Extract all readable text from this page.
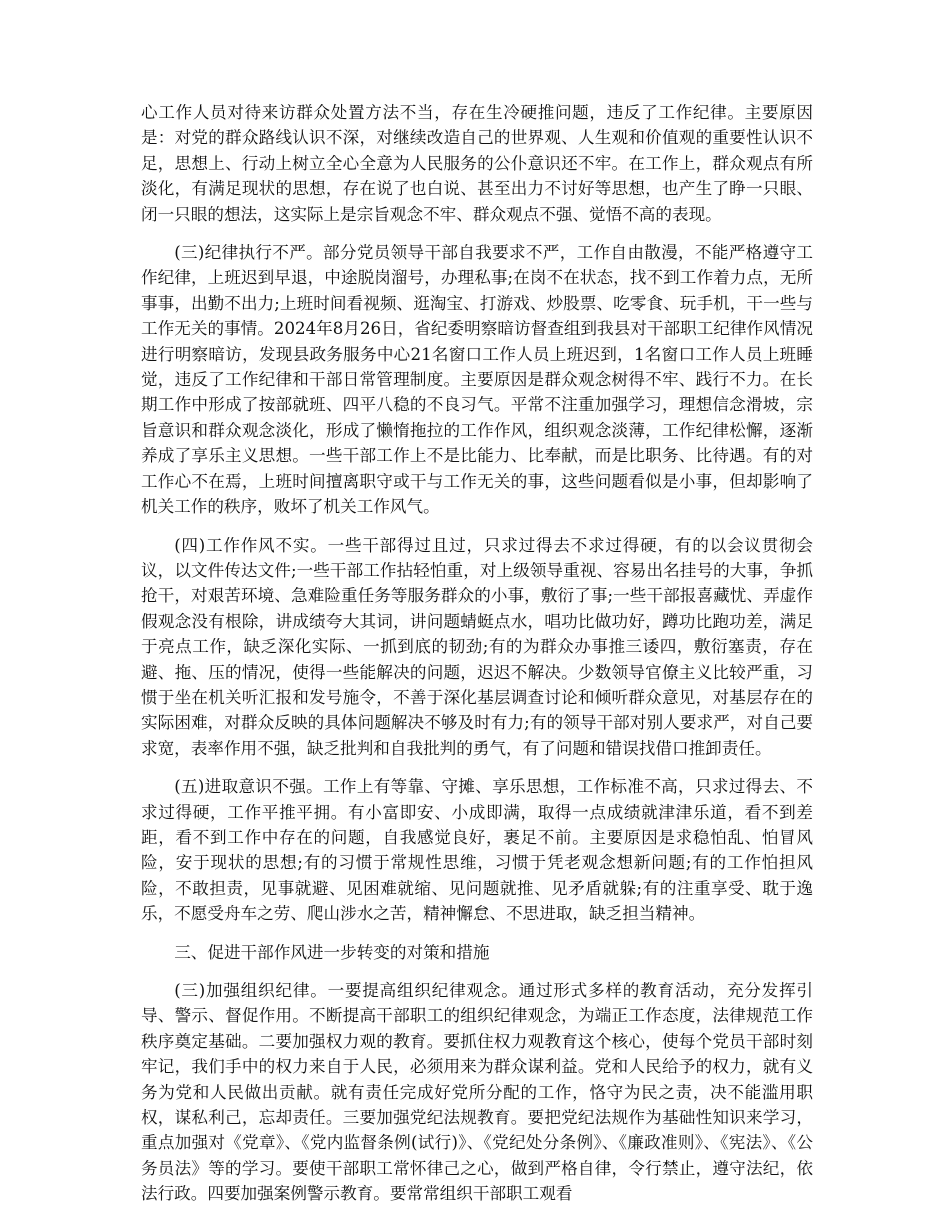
心工作人员对待来访群众处置方法不当，存在生冷硬推问题，违反了工作纪律。主要原因是：对党的群众路线认识不深，对继续改造自己的世界观、人生观和价值观的重要性认识不足，思想上、行动上树立全心全意为人民服务的公仆意识还不牢。在工作上，群众观点有所淡化，有满足现状的思想，存在说了也白说、甚至出力不讨好等思想，也产生了睁一只眼、闭一只眼的想法，这实际上是宗旨观念不牢、群众观点不强、觉悟不高的表现。

(三)纪律执行不严。部分党员领导干部自我要求不严，工作自由散漫，不能严格遵守工作纪律，上班迟到早退，中途脱岗溜号，办理私事;在岗不在状态，找不到工作着力点，无所事事，出勤不出力;上班时间看视频、逛淘宝、打游戏、炒股票、吃零食、玩手机，干一些与工作无关的事情。2024年8月26日，省纪委明察暗访督查组到我县对干部职工纪律作风情况进行明察暗访，发现县政务服务中心21名窗口工作人员上班迟到，1名窗口工作人员上班睡觉，违反了工作纪律和干部日常管理制度。主要原因是群众观念树得不牢、践行不力。在长期工作中形成了按部就班、四平八稳的不良习气。平常不注重加强学习，理想信念滑坡，宗旨意识和群众观念淡化，形成了懒惰拖拉的工作作风，组织观念淡薄，工作纪律松懈，逐渐养成了享乐主义思想。一些干部工作上不是比能力、比奉献，而是比职务、比待遇。有的对工作心不在焉，上班时间擅离职守或干与工作无关的事，这些问题看似是小事，但却影响了机关工作的秩序，败坏了机关工作风气。

(四)工作作风不实。一些干部得过且过，只求过得去不求过得硬，有的以会议贯彻会议，以文件传达文件;一些干部工作拈轻怕重，对上级领导重视、容易出名挂号的大事，争抓抢干，对艰苦环境、急难险重任务等服务群众的小事，敷衍了事;一些干部报喜藏忧、弄虚作假观念没有根除，讲成绩夸大其词，讲问题蜻蜓点水，唱功比做功好，蹲功比跑功差，满足于亮点工作，缺乏深化实际、一抓到底的韧劲;有的为群众办事推三诿四，敷衍塞责，存在避、拖、压的情况，使得一些能解决的问题，迟迟不解决。少数领导官僚主义比较严重，习惯于坐在机关听汇报和发号施令，不善于深化基层调查讨论和倾听群众意见，对基层存在的实际困难，对群众反映的具体问题解决不够及时有力;有的领导干部对别人要求严，对自己要求宽，表率作用不强，缺乏批判和自我批判的勇气，有了问题和错误找借口推卸责任。

(五)进取意识不强。工作上有等靠、守摊、享乐思想，工作标准不高，只求过得去、不求过得硬，工作平推平拥。有小富即安、小成即满，取得一点成绩就津津乐道，看不到差距，看不到工作中存在的问题，自我感觉良好，裹足不前。主要原因是求稳怕乱、怕冒风险，安于现状的思想;有的习惯于常规性思维，习惯于凭老观念想新问题;有的工作怕担风险，不敢担责，见事就避、见困难就缩、见问题就推、见矛盾就躲;有的注重享受、耽于逸乐，不愿受舟车之劳、爬山涉水之苦，精神懈怠、不思进取，缺乏担当精神。

三、促进干部作风进一步转变的对策和措施

(三)加强组织纪律。一要提高组织纪律观念。通过形式多样的教育活动，充分发挥引导、警示、督促作用。不断提高干部职工的组织纪律观念，为端正工作态度，法律规范工作秩序奠定基础。二要加强权力观的教育。要抓住权力观教育这个核心，使每个党员干部时刻牢记，我们手中的权力来自于人民，必须用来为群众谋利益。党和人民给予的权力，就有义务为党和人民做出贡献。就有责任完成好党所分配的工作，恪守为民之责，决不能滥用职权，谋私利己，忘却责任。三要加强党纪法规教育。要把党纪法规作为基础性知识来学习，重点加强对《党章》、《党内监督条例(试行)》、《党纪处分条例》、《廉政准则》、《宪法》、《公务员法》等的学习。要使干部职工常怀律己之心，做到严格自律，令行禁止，遵守法纪，依法行政。四要加强案例警示教育。要常常组织干部职工观看
